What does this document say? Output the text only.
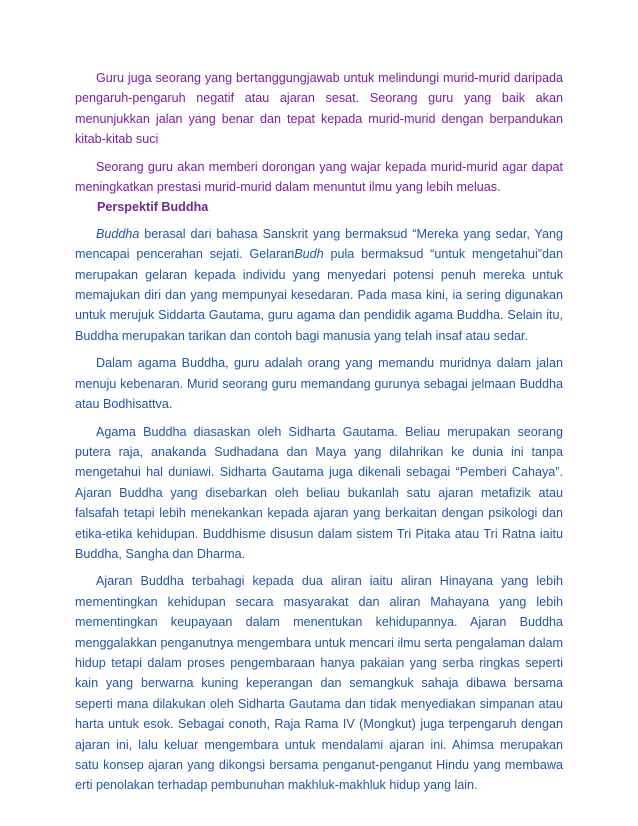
Guru juga seorang yang bertanggungjawab untuk melindungi murid-murid daripada pengaruh-pengaruh negatif atau ajaran sesat. Seorang guru yang baik akan menunjukkan jalan yang benar dan tepat kepada murid-murid dengan berpandukan kitab-kitab suci

Seorang guru akan memberi dorongan yang wajar kepada murid-murid agar dapat meningkatkan prestasi murid-murid dalam menuntut ilmu yang lebih meluas.

Perspektif Buddha

Buddha berasal dari bahasa Sanskrit yang bermaksud “Mereka yang sedar, Yang mencapai pencerahan sejati. GelaranBudh pula bermaksud “untuk mengetahui”dan merupakan gelaran kepada individu yang menyedari potensi penuh mereka untuk memajukan diri dan yang mempunyai kesedaran. Pada masa kini, ia sering digunakan untuk merujuk Siddarta Gautama, guru agama dan pendidik agama Buddha. Selain itu, Buddha merupakan tarikan dan contoh bagi manusia yang telah insaf atau sedar.

Dalam agama Buddha, guru adalah orang yang memandu muridnya dalam jalan menuju kebenaran. Murid seorang guru memandang gurunya sebagai jelmaan Buddha atau Bodhisattva.

Agama Buddha diasaskan oleh Sidharta Gautama. Beliau merupakan seorang putera raja, anakanda Sudhadana dan Maya yang dilahrikan ke dunia ini tanpa mengetahui hal duniawi. Sidharta Gautama juga dikenali sebagai “Pemberi Cahaya”. Ajaran Buddha yang disebarkan oleh beliau bukanlah satu ajaran metafizik atau falsafah tetapi lebih menekankan kepada ajaran yang berkaitan dengan psikologi dan etika-etika kehidupan. Buddhisme disusun dalam sistem Tri Pitaka atau Tri Ratna iaitu Buddha, Sangha dan Dharma.

Ajaran Buddha terbahagi kepada dua aliran iaitu aliran Hinayana yang lebih mementingkan kehidupan secara masyarakat dan aliran Mahayana yang lebih mementingkan keupayaan dalam menentukan kehidupannya. Ajaran Buddha menggalakkan penganutnya mengembara untuk mencari ilmu serta pengalaman dalam hidup tetapi dalam proses pengembaraan hanya pakaian yang serba ringkas seperti kain yang berwarna kuning keperangan dan semangkuk sahaja dibawa bersama seperti mana dilakukan oleh Sidharta Gautama dan tidak menyediakan simpanan atau harta untuk esok. Sebagai conoth, Raja Rama IV (Mongkut) juga terpengaruh dengan ajaran ini, lalu keluar mengembara untuk mendalami ajaran ini. Ahimsa merupakan satu konsep ajaran yang dikongsi bersama penganut-penganut Hindu yang membawa erti penolakan terhadap pembunuhan makhluk-makhluk hidup yang lain.
